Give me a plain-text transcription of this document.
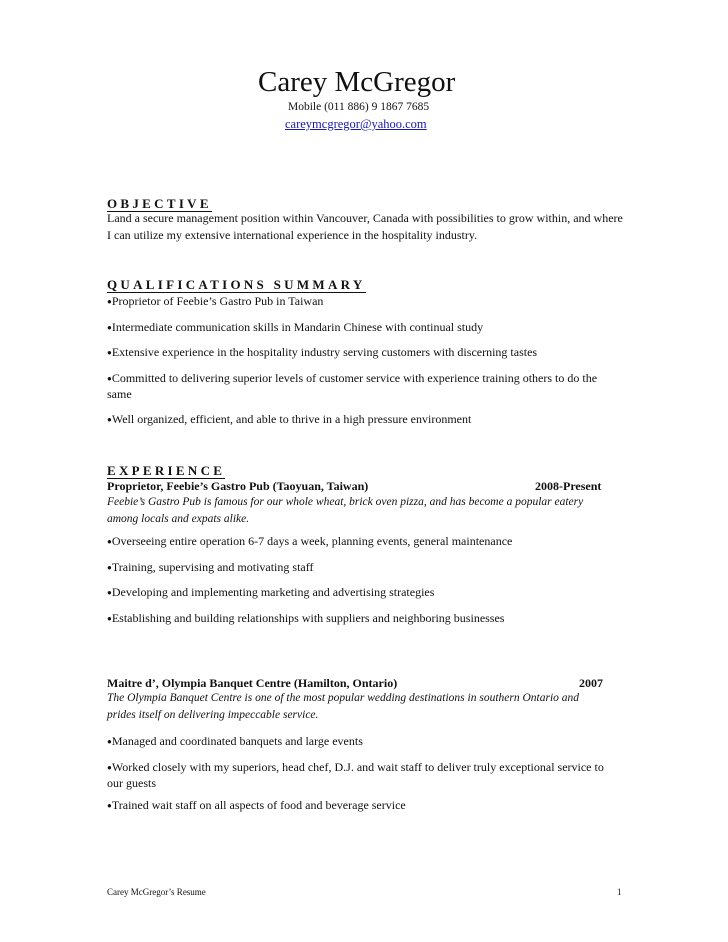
Carey McGregor
Mobile (011 886) 9 1867 7685
careymcgregor@yahoo.com
OBJECTIVE
Land a secure management position within Vancouver, Canada with possibilities to grow within, and where I can utilize my extensive international experience in the hospitality industry.
QUALIFICATIONS SUMMARY
●Proprietor of Feebie’s Gastro Pub in Taiwan
●Intermediate communication skills in Mandarin Chinese with continual study
●Extensive experience in the hospitality industry serving customers with discerning tastes
●Committed to delivering superior levels of customer service with experience training others to do the same
●Well organized, efficient, and able to thrive in a high pressure environment
EXPERIENCE
Proprietor, Feebie’s Gastro Pub (Taoyuan, Taiwan)	2008-Present
Feebie’s Gastro Pub is famous for our whole wheat, brick oven pizza, and has become a popular eatery among locals and expats alike.
●Overseeing entire operation 6-7 days a week, planning events, general maintenance
●Training, supervising and motivating staff
●Developing and implementing marketing and advertising strategies
●Establishing and building relationships with suppliers and neighboring businesses
Maitre d’, Olympia Banquet Centre (Hamilton, Ontario)	2007
The Olympia Banquet Centre is one of the most popular wedding destinations in southern Ontario and prides itself on delivering impeccable service.
●Managed and coordinated banquets and large events
●Worked closely with my superiors, head chef, D.J. and wait staff to deliver truly exceptional service to our guests
●Trained wait staff on all aspects of food and beverage service
Carey McGregor’s Resume	1
